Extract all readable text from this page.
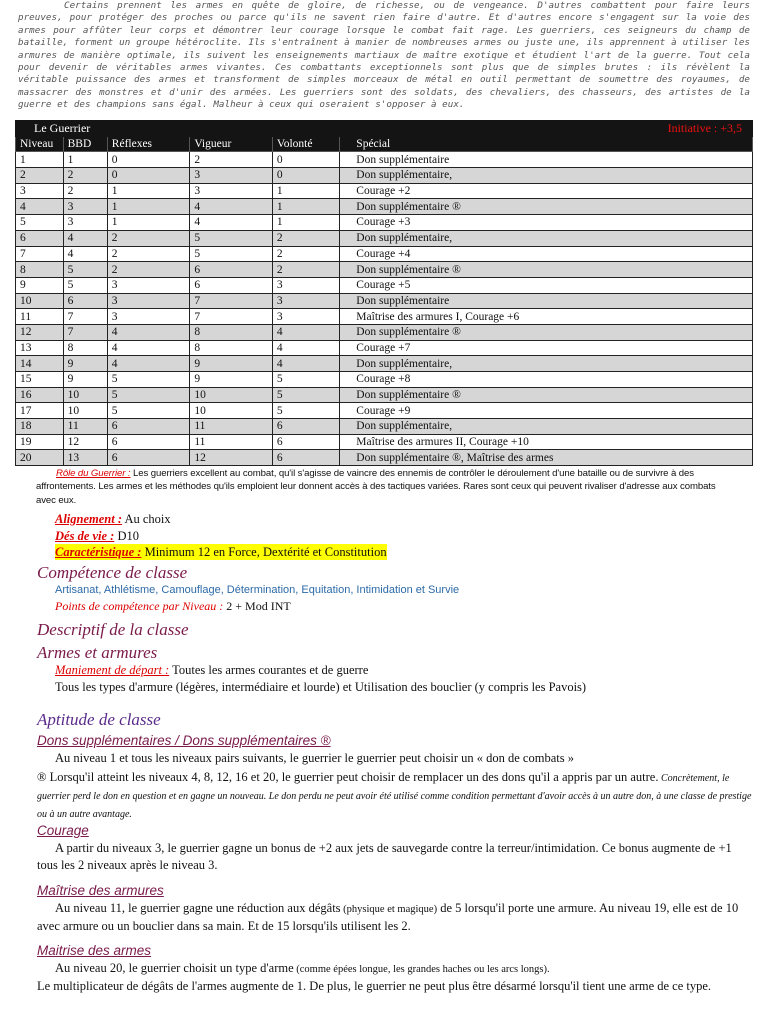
Certains prennent les armes en quête de gloire, de richesse, ou de vengeance. D'autres combattent pour faire leurs preuves, pour protéger des proches ou parce qu'ils ne savent rien faire d'autre. Et d'autres encore s'engagent sur la voie des armes pour affûter leur corps et démontrer leur courage lorsque le combat fait rage. Les guerriers, ces seigneurs du champ de bataille, forment un groupe hétéroclite. Ils s'entraînent à manier de nombreuses armes ou juste une, ils apprennent à utiliser les armures de manière optimale, ils suivent les enseignements martiaux de maître exotique et étudient l'art de la guerre. Tout cela pour devenir de véritables armes vivantes. Ces combattants exceptionnels sont plus que de simples brutes : ils révèlent la véritable puissance des armes et transforment de simples morceaux de métal en outil permettant de soumettre des royaumes, de massacrer des monstres et d'unir des armées. Les guerriers sont des soldats, des chevaliers, des chasseurs, des artistes de la guerre et des champions sans égal. Malheur à ceux qui oseraient s'opposer à eux.

Le Guerrier				Initiative : +3,5	
Niveau	BBD	Réflexes	Vigueur	Volonté	Spécial
1	1	0	2	0	Don supplémentaire
2	2	0	3	0	Don supplémentaire,
3	2	1	3	1	Courage +2
4	3	1	4	1	Don supplémentaire ®
5	3	1	4	1	Courage +3
6	4	2	5	2	Don supplémentaire,
7	4	2	5	2	Courage +4
8	5	2	6	2	Don supplémentaire ®
9	5	3	6	3	Courage +5
10	6	3	7	3	Don supplémentaire
11	7	3	7	3	Maîtrise des armures I, Courage +6
12	7	4	8	4	Don supplémentaire ®
13	8	4	8	4	Courage +7
14	9	4	9	4	Don supplémentaire,
15	9	5	9	5	Courage +8
16	10	5	10	5	Don supplémentaire ®
17	10	5	10	5	Courage +9
18	11	6	11	6	Don supplémentaire,
19	12	6	11	6	Maîtrise des armures II, Courage +10
20	13	6	12	6	Don supplémentaire ®, Maîtrise des armes

Rôle du Guerrier : Les guerriers excellent au combat, qu'il s'agisse de vaincre des ennemis de contrôler le déroulement d'une bataille ou de survivre à des affrontements. Les armes et les méthodes qu'ils emploient leur donnent accès à des tactiques variées. Rares sont ceux qui peuvent rivaliser d'adresse aux combats avec eux.

Alignement : Au choix
Dés de vie : D10
Caractéristique : Minimum 12 en Force, Dextérité et Constitution
Compétence de classe
Artisanat, Athlétisme, Camouflage, Détermination, Equitation, Intimidation et Survie
Points de compétence par Niveau : 2 + Mod INT
Descriptif de la classe
Armes et armures
Maniement de départ : Toutes les armes courantes et de guerre
Tous les types d'armure (légères, intermédiaire et lourde) et Utilisation des bouclier (y compris les Pavois)
Aptitude de classe
Dons supplémentaires / Dons supplémentaires ®
Au niveau 1 et tous les niveaux pairs suivants, le guerrier le guerrier peut choisir un « don de combats »
® Lorsqu'il atteint les niveaux 4, 8, 12, 16 et 20, le guerrier peut choisir de remplacer un des dons qu'il a appris par un autre. Concrètement, le guerrier perd le don en question et en gagne un nouveau. Le don perdu ne peut avoir été utilisé comme condition permettant d'avoir accès à un autre don, à une classe de prestige ou à un autre avantage.
Courage
A partir du niveaux 3, le guerrier gagne un bonus de +2 aux jets de sauvegarde contre la terreur/intimidation. Ce bonus augmente de +1 tous les 2 niveaux après le niveau 3.
Maîtrise des armures
Au niveau 11, le guerrier gagne une réduction aux dégâts (physique et magique) de 5 lorsqu'il porte une armure. Au niveau 19, elle est de 10 avec armure ou un bouclier dans sa main. Et de 15 lorsqu'ils utilisent les 2.
Maitrise des armes
Au niveau 20, le guerrier choisit un type d'arme (comme épées longue, les grandes haches ou les arcs longs).
Le multiplicateur de dégâts de l'armes augmente de 1. De plus, le guerrier ne peut plus être désarmé lorsqu'il tient une arme de ce type.
